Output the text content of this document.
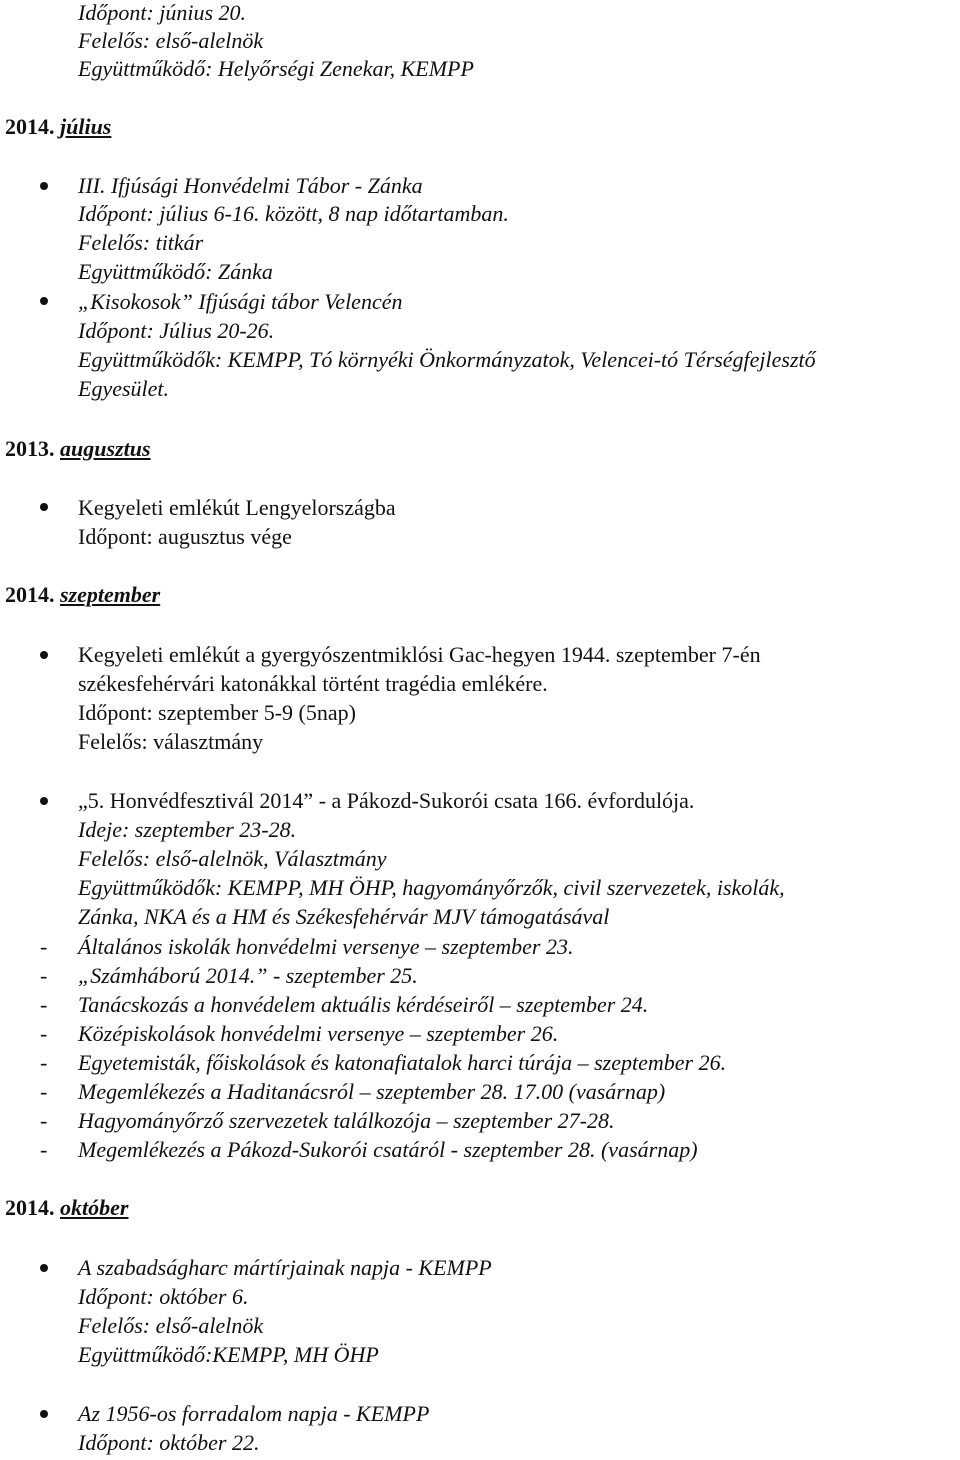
Időpont: június 20.
Felelős: első-alelnök
Együttműködő: Helyőrségi Zenekar, KEMPP
2014. július
III. Ifjúsági Honvédelmi Tábor - Zánka
Időpont: július 6-16. között, 8 nap időtartamban.
Felelős: titkár
Együttműködő: Zánka
„Kisokosok” Ifjúsági tábor Velencén
Időpont: Július 20-26.
Együttműködők: KEMPP, Tó környéki Önkormányzatok, Velencei-tó Térségfejlesztő
Egyesület.
2013. augusztus
Kegyeleti emlékút Lengyelországba
Időpont: augusztus vége
2014. szeptember
Kegyeleti emlékút a gyergyószentmiklósi Gac-hegyen 1944. szeptember 7-én
székesfehérvári katonákkal történt tragédia emlékére.
Időpont: szeptember 5-9 (5nap)
Felelős: választmány
„5. Honvédfesztivál 2014” - a Pákozd-Sukorói csata 166. évfordulója.
Ideje: szeptember 23-28.
Felelős: első-alelnök, Választmány
Együttműködők: KEMPP, MH ÖHP, hagyományőrzők, civil szervezetek, iskolák,
Zánka, NKA és a HM és Székesfehérvár MJV támogatásával
- Általános iskolák honvédelmi versenye – szeptember 23.
- „Számháború 2014.” - szeptember 25.
- Tanácskozás a honvédelem aktuális kérdéseiről – szeptember 24.
- Középiskolások honvédelmi versenye – szeptember 26.
- Egyetemisták, főiskolások és katonafiatalok harci túrája – szeptember 26.
- Megemlékezés a Haditanácsról – szeptember 28. 17.00 (vasárnap)
- Hagyományőrző szervezetek találkozója – szeptember 27-28.
- Megemlékezés a Pákozd-Sukorói csatáról - szeptember 28. (vasárnap)
2014. október
A szabadságharc mártírjainak napja - KEMPP
Időpont: október 6.
Felelős: első-alelnök
Együttműködő:KEMPP, MH ÖHP
Az 1956-os forradalom napja - KEMPP
Időpont: október 22.
